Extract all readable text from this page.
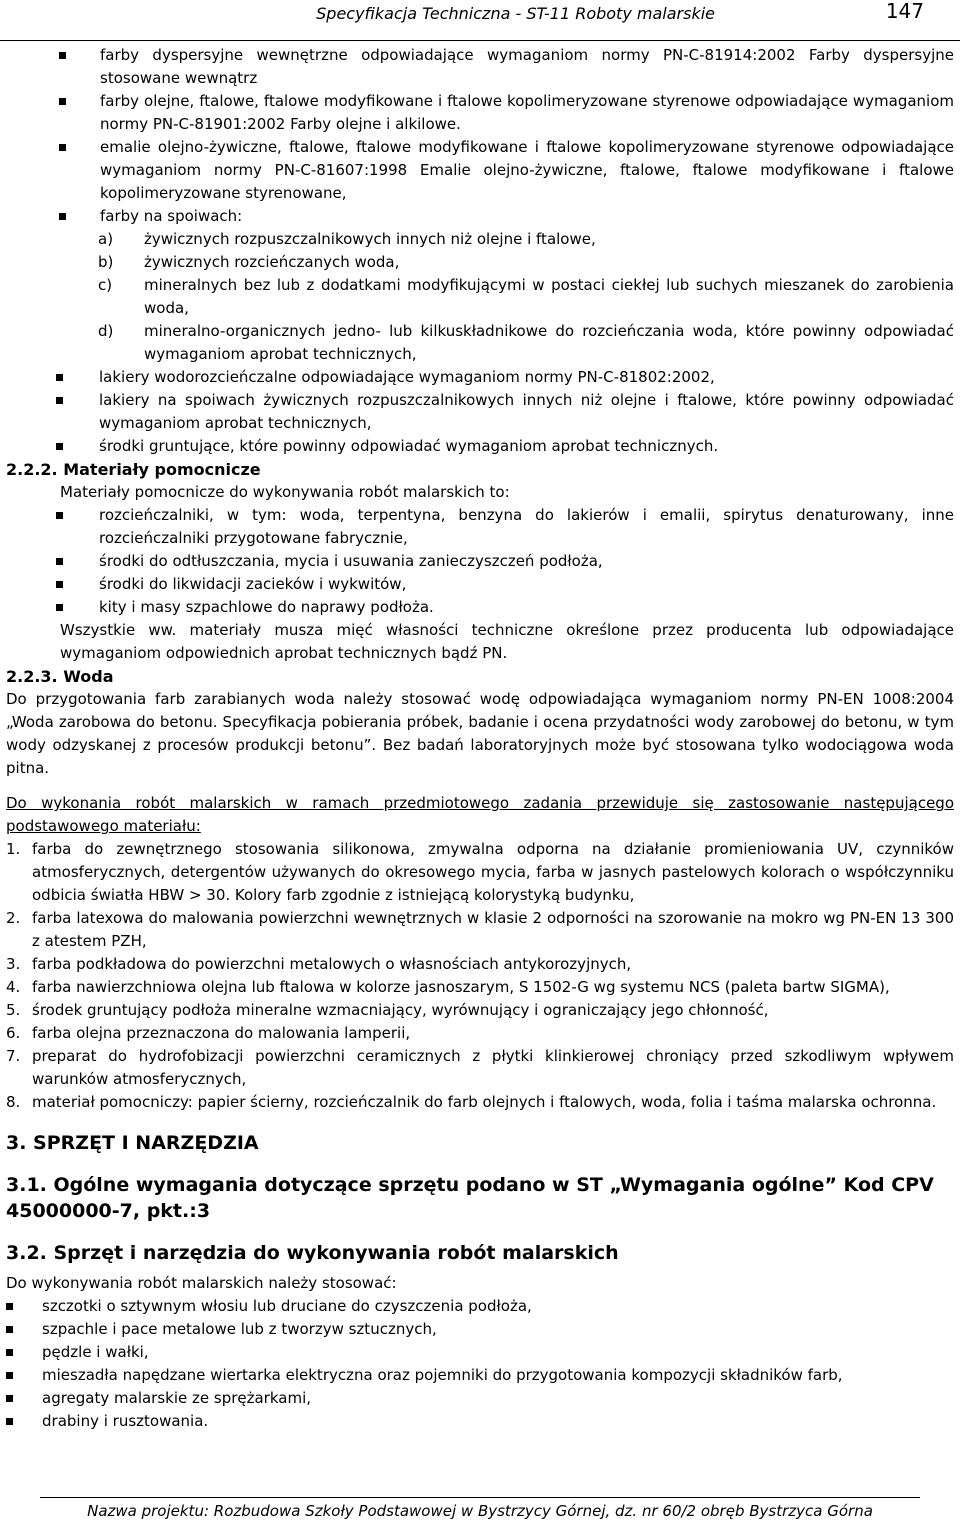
Specyfikacja Techniczna - ST-11 Roboty malarskie	147
farby dyspersyjne wewnętrzne odpowiadające wymaganiom normy PN-C-81914:2002 Farby dyspersyjne stosowane wewnątrz
farby olejne, ftalowe, ftalowe modyfikowane i ftalowe kopolimeryzowane styrenowe odpowiadające wymaganiom normy PN-C-81901:2002 Farby olejne i alkilowe.
emalie olejno-żywiczne, ftalowe, ftalowe modyfikowane i ftalowe kopolimeryzowane styrenowe odpowiadające wymaganiom normy PN-C-81607:1998 Emalie olejno-żywiczne, ftalowe, ftalowe modyfikowane i ftalowe kopolimeryzowane styrenowane,
farby na spoiwach:
a) żywicznych rozpuszczalnikowych innych niż olejne i ftalowe,
b) żywicznych rozcieńczanych woda,
c) mineralnych bez lub z dodatkami modyfikującymi w postaci ciekłej lub suchych mieszanek do zarobienia woda,
d) mineralno-organicznych jedno- lub kilkuskładnikowe do rozcieńczania woda, które powinny odpowiadać wymaganiom aprobat technicznych,
lakiery wodorozcieńczalne odpowiadające wymaganiom normy PN-C-81802:2002,
lakiery na spoiwach żywicznych rozpuszczalnikowych innych niż olejne i ftalowe, które powinny odpowiadać wymaganiom aprobat technicznych,
środki gruntujące, które powinny odpowiadać wymaganiom aprobat technicznych.
2.2.2. Materiały pomocnicze
Materiały pomocnicze do wykonywania robót malarskich to:
rozcieńczalniki, w tym: woda, terpentyna, benzyna do lakierów i emalii, spirytus denaturowany, inne rozcieńczalniki przygotowane fabrycznie,
środki do odtłuszczania, mycia i usuwania zanieczyszczeń podłoża,
środki do likwidacji zacieków i wykwitów,
kity i masy szpachlowe do naprawy podłoża.
Wszystkie ww. materiały musza mięć własności techniczne określone przez producenta lub odpowiadające wymaganiom odpowiednich aprobat technicznych bądź PN.
2.2.3. Woda
Do przygotowania farb zarabianych woda należy stosować wodę odpowiadająca wymaganiom normy PN-EN 1008:2004 „Woda zarobowa do betonu. Specyfikacja pobierania próbek, badanie i ocena przydatności wody zarobowej do betonu, w tym wody odzyskanej z procesów produkcji betonu”. Bez badań laboratoryjnych może być stosowana tylko wodociągowa woda pitna.
Do wykonania robót malarskich w ramach przedmiotowego zadania przewiduje się zastosowanie następującego podstawowego materiału:
1. farba do zewnętrznego stosowania silikonowa, zmywalna odporna na działanie promieniowania UV, czynników atmosferycznych, detergentów używanych do okresowego mycia, farba w jasnych pastelowych kolorach o współczynniku odbicia światła HBW > 30. Kolory farb zgodnie z istniejącą kolorystyką budynku,
2. farba latexowa do malowania powierzchni wewnętrznych w klasie 2 odporności na szorowanie na mokro wg PN-EN 13 300 z atestem PZH,
3. farba podkładowa do powierzchni metalowych o własnościach antykorozyjnych,
4. farba nawierzchniowa olejna lub ftalowa w kolorze jasnoszarym, S 1502-G wg systemu NCS (paleta bartw SIGMA),
5. środek gruntujący podłoża mineralne wzmacniający, wyrównujący i ograniczający jego chłonność,
6. farba olejna przeznaczona do malowania lamperii,
7. preparat do hydrofobizacji powierzchni ceramicznych z płytki klinkierowej chroniący przed szkodliwym wpływem warunków atmosferycznych,
8. materiał pomocniczy: papier ścierny, rozcieńczalnik do farb olejnych i ftalowych, woda, folia i taśma malarska ochronna.
3. SPRZĘT I NARZĘDZIA
3.1. Ogólne wymagania dotyczące sprzętu podano w ST „Wymagania ogólne” Kod CPV 45000000-7, pkt.:3
3.2. Sprzęt i narzędzia do wykonywania robót malarskich
Do wykonywania robót malarskich należy stosować:
szczotki o sztywnym włosiu lub druciane do czyszczenia podłoża,
szpachle i pace metalowe lub z tworzyw sztucznych,
pędzle i wałki,
mieszadła napędzane wiertarka elektryczna oraz pojemniki do przygotowania kompozycji składników farb,
agregaty malarskie ze sprężarkami,
drabiny i rusztowania.
Nazwa projektu: Rozbudowa Szkoły Podstawowej w Bystrzycy Górnej, dz. nr 60/2 obręb Bystrzyca Górna
